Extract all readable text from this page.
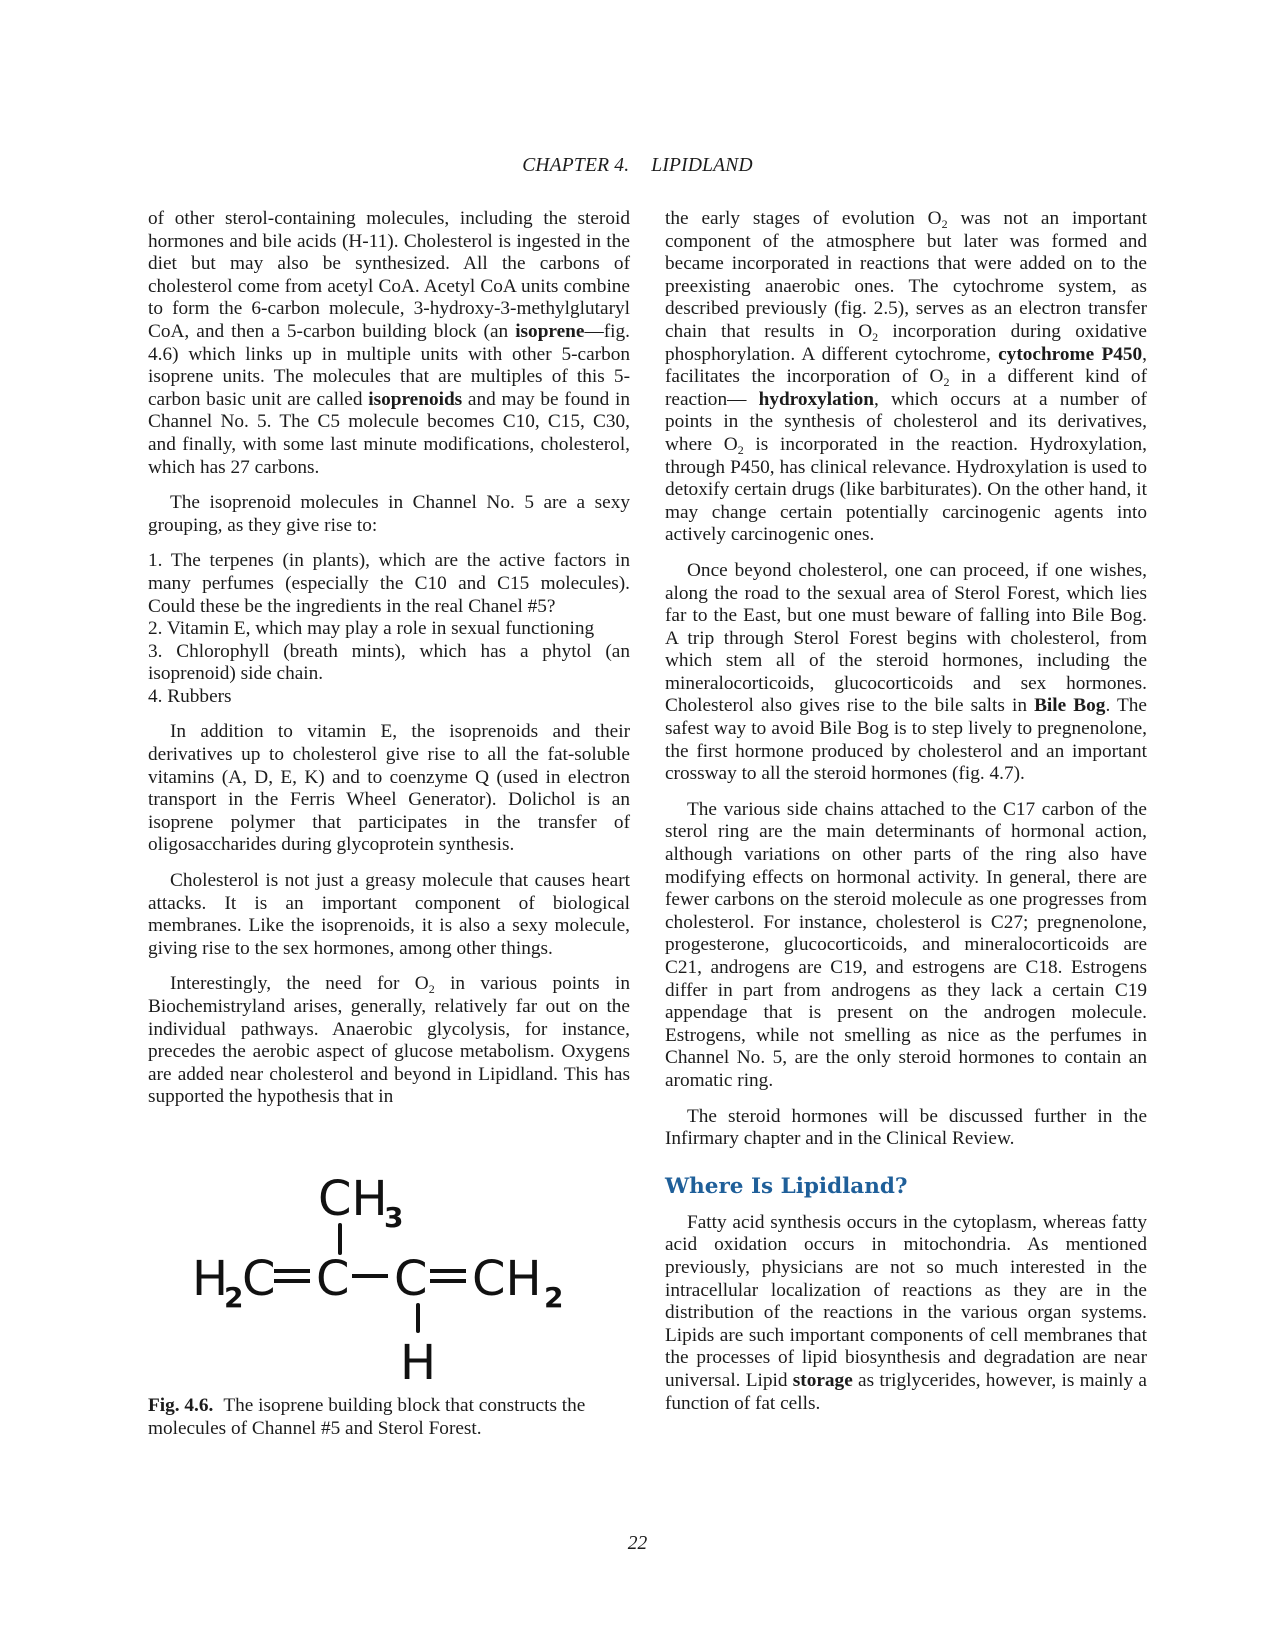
CHAPTER 4. LIPIDLAND

of other sterol-containing molecules, including the steroid hormones and bile acids (H-11). Cholesterol is ingested in the diet but may also be synthesized. All the carbons of cholesterol come from acetyl CoA. Acetyl CoA units combine to form the 6-carbon molecule, 3-hydroxy-3-methylglutaryl CoA, and then a 5-carbon building block (an isoprene—fig. 4.6) which links up in multiple units with other 5-carbon isoprene units. The molecules that are multiples of this 5-carbon basic unit are called isoprenoids and may be found in Channel No. 5. The C5 molecule becomes C10, C15, C30, and finally, with some last minute modifications, cholesterol, which has 27 carbons.

The isoprenoid molecules in Channel No. 5 are a sexy grouping, as they give rise to:

1. The terpenes (in plants), which are the active factors in many perfumes (especially the C10 and C15 molecules). Could these be the ingredients in the real Chanel #5?
2. Vitamin E, which may play a role in sexual functioning
3. Chlorophyll (breath mints), which has a phytol (an isoprenoid) side chain.
4. Rubbers

In addition to vitamin E, the isoprenoids and their derivatives up to cholesterol give rise to all the fat-soluble vitamins (A, D, E, K) and to coenzyme Q (used in electron transport in the Ferris Wheel Generator). Dolichol is an isoprene polymer that participates in the transfer of oligosaccharides during glycoprotein synthesis.

Cholesterol is not just a greasy molecule that causes heart attacks. It is an important component of biological membranes. Like the isoprenoids, it is also a sexy molecule, giving rise to the sex hormones, among other things.

Interestingly, the need for $O_2$ in various points in Biochemistryland arises, generally, relatively far out on the individual pathways. Anaerobic glycolysis, for instance, precedes the aerobic aspect of glucose metabolism. Oxygens are added near cholesterol and beyond in Lipidland. This has supported the hypothesis that in

CH
3
H
2
C C C CH 2
H

Fig. 4.6. The isoprene building block that constructs the molecules of Channel #5 and Sterol Forest.

the early stages of evolution $O_2$ was not an important component of the atmosphere but later was formed and became incorporated in reactions that were added on to the preexisting anaerobic ones. The cytochrome system, as described previously (fig. 2.5), serves as an electron transfer chain that results in $O_2$ incorporation during oxidative phosphorylation. A different cytochrome, cytochrome P450, facilitates the incorporation of $O_2$ in a different kind of reaction— hydroxylation, which occurs at a number of points in the synthesis of cholesterol and its derivatives, where $O_2$ is incorporated in the reaction. Hydroxylation, through P450, has clinical relevance. Hydroxylation is used to detoxify certain drugs (like barbiturates). On the other hand, it may change certain potentially carcinogenic agents into actively carcinogenic ones.

Once beyond cholesterol, one can proceed, if one wishes, along the road to the sexual area of Sterol Forest, which lies far to the East, but one must beware of falling into Bile Bog. A trip through Sterol Forest begins with cholesterol, from which stem all of the steroid hormones, including the mineralocorticoids, glucocorticoids and sex hormones. Cholesterol also gives rise to the bile salts in Bile Bog. The safest way to avoid Bile Bog is to step lively to pregnenolone, the first hormone produced by cholesterol and an important crossway to all the steroid hormones (fig. 4.7).

The various side chains attached to the C17 carbon of the sterol ring are the main determinants of hormonal action, although variations on other parts of the ring also have modifying effects on hormonal activity. In general, there are fewer carbons on the steroid molecule as one progresses from cholesterol. For instance, cholesterol is C27; pregnenolone, progesterone, glucocorticoids, and mineralocorticoids are C21, androgens are C19, and estrogens are C18. Estrogens differ in part from androgens as they lack a certain C19 appendage that is present on the androgen molecule. Estrogens, while not smelling as nice as the perfumes in Channel No. 5, are the only steroid hormones to contain an aromatic ring.

The steroid hormones will be discussed further in the Infirmary chapter and in the Clinical Review.

Where Is Lipidland?

Fatty acid synthesis occurs in the cytoplasm, whereas fatty acid oxidation occurs in mitochondria. As mentioned previously, physicians are not so much interested in the intracellular localization of reactions as they are in the distribution of the reactions in the various organ systems. Lipids are such important components of cell membranes that the processes of lipid biosynthesis and degradation are near universal. Lipid storage as triglycerides, however, is mainly a function of fat cells.

22
